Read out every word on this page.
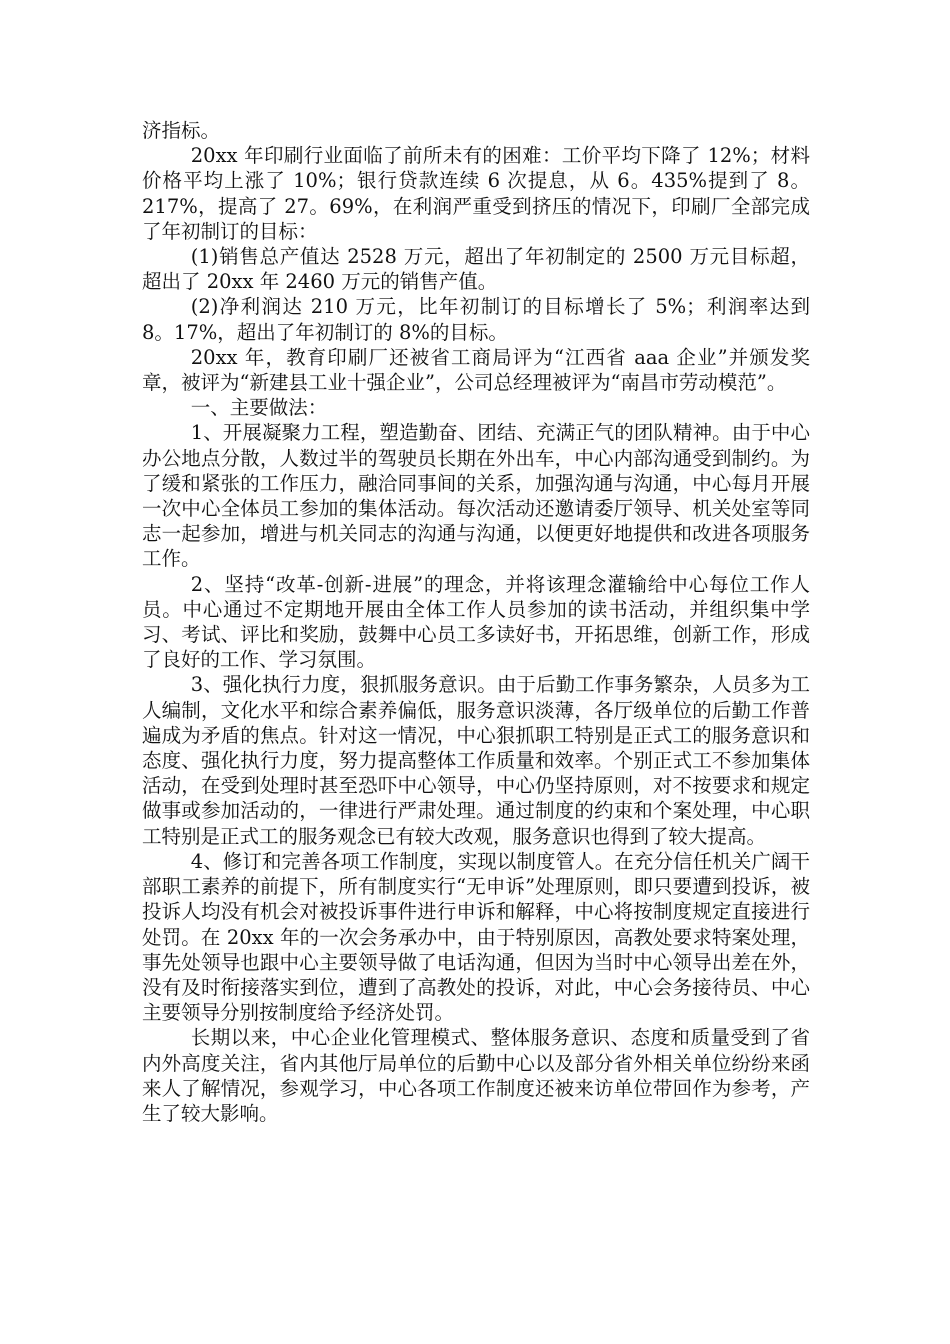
济指标。

20xx 年印刷行业面临了前所未有的困难：工价平均下降了 12%；材料价格平均上涨了 10%；银行贷款连续 6 次提息，从 6。435%提到了 8。217%，提高了 27。69%，在利润严重受到挤压的情况下，印刷厂全部完成了年初制订的目标：

(1)销售总产值达 2528 万元，超出了年初制定的 2500 万元目标超，超出了 20xx 年 2460 万元的销售产值。

(2)净利润达 210 万元，比年初制订的目标增长了 5%；利润率达到 8。17%，超出了年初制订的 8%的目标。

20xx 年，教育印刷厂还被省工商局评为“江西省 aaa 企业”并颁发奖章，被评为“新建县工业十强企业”，公司总经理被评为“南昌市劳动模范”。

一、主要做法：

1、开展凝聚力工程，塑造勤奋、团结、充满正气的团队精神。由于中心办公地点分散，人数过半的驾驶员长期在外出车，中心内部沟通受到制约。为了缓和紧张的工作压力，融洽同事间的关系，加强沟通与沟通，中心每月开展一次中心全体员工参加的集体活动。每次活动还邀请委厅领导、机关处室等同志一起参加，增进与机关同志的沟通与沟通，以便更好地提供和改进各项服务工作。

2、坚持“改革-创新-进展”的理念，并将该理念灌输给中心每位工作人员。中心通过不定期地开展由全体工作人员参加的读书活动，并组织集中学习、考试、评比和奖励，鼓舞中心员工多读好书，开拓思维，创新工作，形成了良好的工作、学习氛围。

3、强化执行力度，狠抓服务意识。由于后勤工作事务繁杂，人员多为工人编制，文化水平和综合素养偏低，服务意识淡薄，各厅级单位的后勤工作普遍成为矛盾的焦点。针对这一情况，中心狠抓职工特别是正式工的服务意识和态度、强化执行力度，努力提高整体工作质量和效率。个别正式工不参加集体活动，在受到处理时甚至恐吓中心领导，中心仍坚持原则，对不按要求和规定做事或参加活动的，一律进行严肃处理。通过制度的约束和个案处理，中心职工特别是正式工的服务观念已有较大改观，服务意识也得到了较大提高。

4、修订和完善各项工作制度，实现以制度管人。在充分信任机关广阔干部职工素养的前提下，所有制度实行“无申诉”处理原则，即只要遭到投诉，被投诉人均没有机会对被投诉事件进行申诉和解释，中心将按制度规定直接进行处罚。在 20xx 年的一次会务承办中，由于特别原因，高教处要求特案处理，事先处领导也跟中心主要领导做了电话沟通，但因为当时中心领导出差在外，没有及时衔接落实到位，遭到了高教处的投诉，对此，中心会务接待员、中心主要领导分别按制度给予经济处罚。

长期以来，中心企业化管理模式、整体服务意识、态度和质量受到了省内外高度关注，省内其他厅局单位的后勤中心以及部分省外相关单位纷纷来函来人了解情况，参观学习，中心各项工作制度还被来访单位带回作为参考，产生了较大影响。
